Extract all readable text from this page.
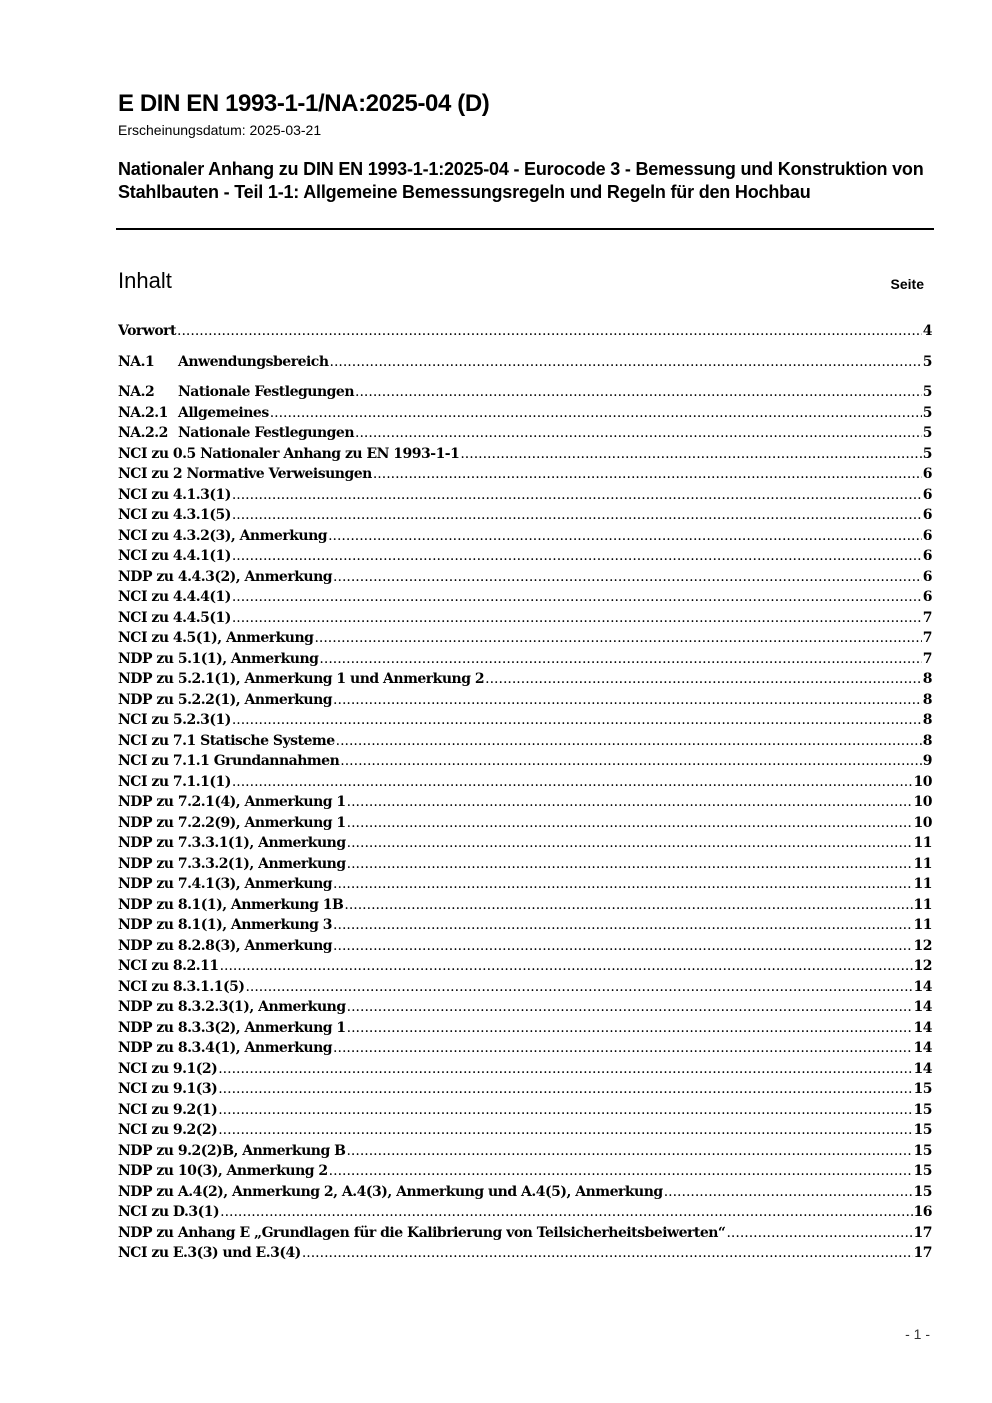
E DIN EN 1993-1-1/NA:2025-04 (D)
Erscheinungsdatum: 2025-03-21
Nationaler Anhang zu DIN EN 1993-1-1:2025-04 - Eurocode 3 - Bemessung und Konstruktion von Stahlbauten - Teil 1-1: Allgemeine Bemessungsregeln und Regeln für den Hochbau
Inhalt	Seite
Vorwort .....	4
NA.1	Anwendungsbereich .....	5
NA.2	Nationale Festlegungen .....	5
NA.2.1 Allgemeines .....	5
NA.2.2 Nationale Festlegungen .....	5
NCI zu 0.5 Nationaler Anhang zu EN 1993-1-1 .....	5
NCI zu 2 Normative Verweisungen .....	6
NCI zu 4.1.3(1) .....	6
NCI zu 4.3.1(5) .....	6
NCI zu 4.3.2(3), Anmerkung .....	6
NCI zu 4.4.1(1) .....	6
NDP zu 4.4.3(2), Anmerkung .....	6
NCI zu 4.4.4(1) .....	6
NCI zu 4.4.5(1) .....	7
NCI zu 4.5(1), Anmerkung .....	7
NDP zu 5.1(1), Anmerkung .....	7
NDP zu 5.2.1(1), Anmerkung 1 und Anmerkung 2 .....	8
NDP zu 5.2.2(1), Anmerkung .....	8
NCI zu 5.2.3(1) .....	8
NCI zu 7.1 Statische Systeme .....	8
NCI zu 7.1.1 Grundannahmen .....	9
NCI zu 7.1.1(1) .....	10
NDP zu 7.2.1(4), Anmerkung 1 .....	10
NDP zu 7.2.2(9), Anmerkung 1 .....	10
NDP zu 7.3.3.1(1), Anmerkung .....	11
NDP zu 7.3.3.2(1), Anmerkung .....	11
NDP zu 7.4.1(3), Anmerkung .....	11
NDP zu 8.1(1), Anmerkung 1B .....	11
NDP zu 8.1(1), Anmerkung 3 .....	11
NDP zu 8.2.8(3), Anmerkung .....	12
NCI zu 8.2.11 .....	12
NCI zu 8.3.1.1(5) .....	14
NDP zu 8.3.2.3(1), Anmerkung .....	14
NDP zu 8.3.3(2), Anmerkung 1 .....	14
NDP zu 8.3.4(1), Anmerkung .....	14
NCI zu 9.1(2) .....	14
NCI zu 9.1(3) .....	15
NCI zu 9.2(1) .....	15
NCI zu 9.2(2) .....	15
NDP zu 9.2(2)B, Anmerkung B .....	15
NDP zu 10(3), Anmerkung 2 .....	15
NDP zu A.4(2), Anmerkung 2, A.4(3), Anmerkung und A.4(5), Anmerkung .....	15
NCI zu D.3(1) .....	16
NDP zu Anhang E „Grundlagen für die Kalibrierung von Teilsicherheitsbeiwerten“ .....	17
NCI zu E.3(3) und E.3(4) .....	17
- 1 -
